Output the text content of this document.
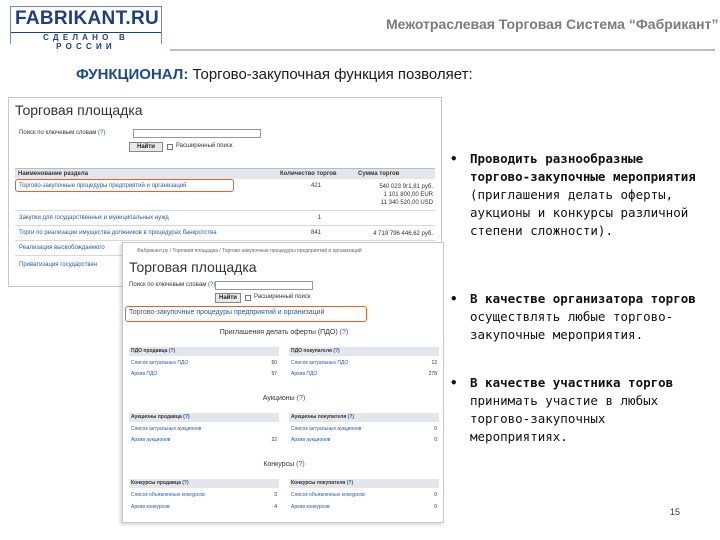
FABRIKANT.RU
СДЕЛАНО В РОССИИ
Межотраслевая Торговая Система “Фабрикант”
ФУНКЦИОНАЛ: Торгово-закупочная функция позволяет:
Торговая площадка
Поиск по ключевым словам (?)
Найти	Расширенный поиск
Наименование раздела	Количество торгов	Сумма торгов
Торгово-закупочные процедуры предприятий и организаций	421	540 023 9г1,81 руб.
1 101 800,00 EUR
11 340 520,00 USD
Закупки для государственных и муниципальных нужд	1
Торги по реализации имущества должников в процедурах банкротства	841	4 719 796 446,62 руб.
Реализация высвобождаемого
Приватизация государствен
Фабрикант.ру / Торговая площадка / Торгово-закупочные процедуры предприятий и организаций
Торговая площадка
Поиск по ключевым словам (?)
Найти	Расширенный поиск
Торгово-закупочные процедуры предприятий и организаций
Приглашения делать оферты (ПДО) (?)
ПДО продавца (?)
Список актуальных ПДО	50
Архив ПДО	57
ПДО покупателя (?)
Список актуальных ПДО	12
Архив ПДО	278
Аукционы (?)
Аукционы продавца (?)
Список актуальных аукционов
Архив аукционов	22
Аукционы покупателя (?)
Список актуальных аукционов	0
Архив аукционов	0
Конкурсы (?)
Конкурсы продавца (?)
Список объявленных конкурсов	3
Архив конкурсов	4
Конкурсы покупателя (?)
Список объявленных конкурсов	0
Архив конкурсов	0
• Проводить разнообразные торгово-закупочные мероприятия (приглашения делать оферты, аукционы и конкурсы различной степени сложности).
• В качестве организатора торгов осуществлять любые торгово-закупочные мероприятия.
• В качестве участника торгов принимать участие в любых торгово-закупочных мероприятиях.
15
